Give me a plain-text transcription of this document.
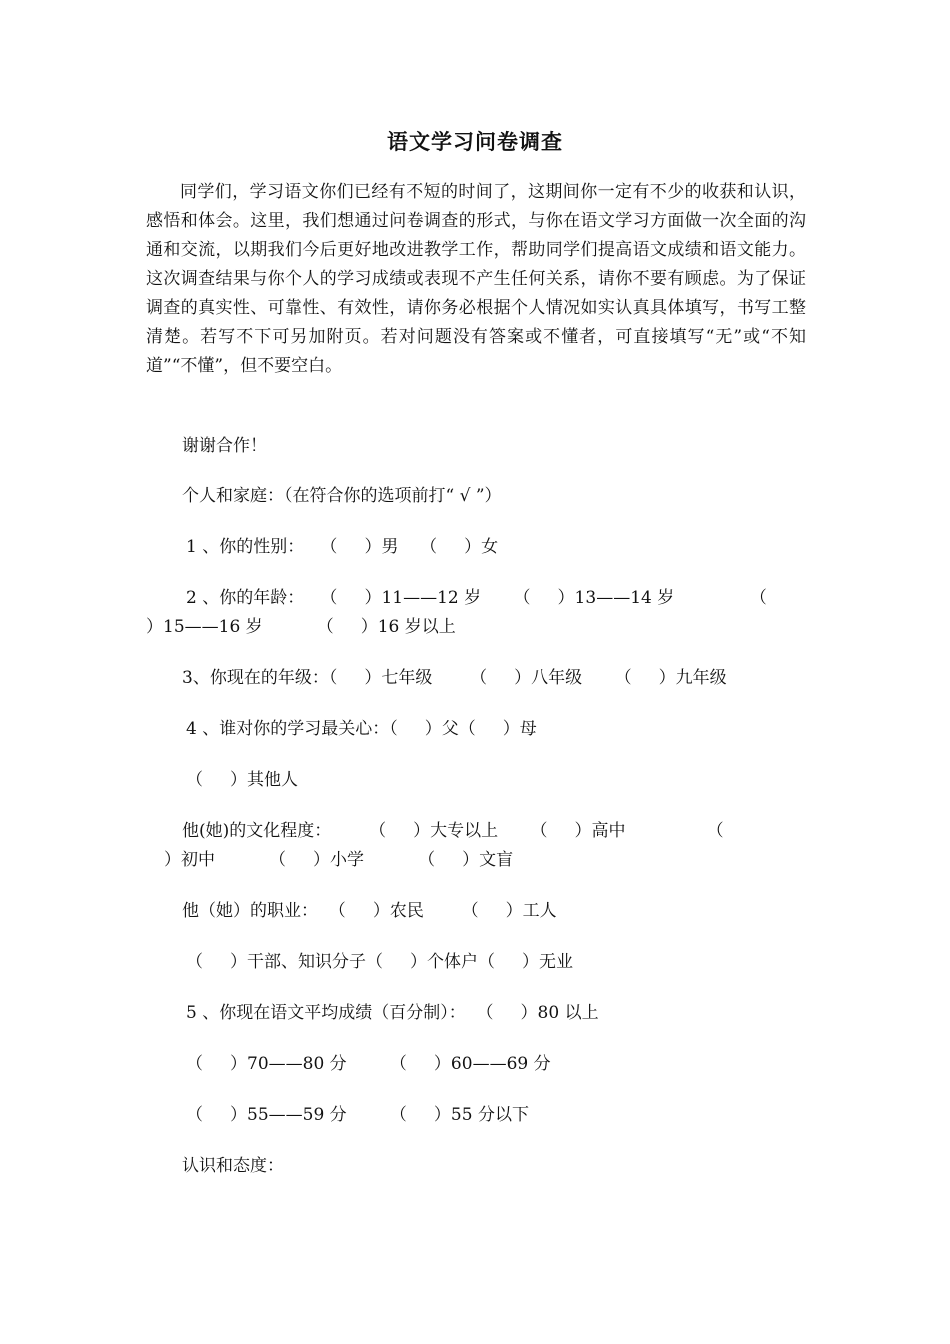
语文学习问卷调查

同学们，学习语文你们已经有不短的时间了，这期间你一定有不少的收获和认识，感悟和体会。这里，我们想通过问卷调查的形式，与你在语文学习方面做一次全面的沟通和交流，以期我们今后更好地改进教学工作，帮助同学们提高语文成绩和语文能力。这次调查结果与你个人的学习成绩或表现不产生任何关系，请你不要有顾虑。为了保证调查的真实性、可靠性、有效性，请你务必根据个人情况如实认真具体填写，书写工整清楚。若写不下可另加附页。若对问题没有答案或不懂者，可直接填写“无”或“不知道”“不懂”，但不要空白。

谢谢合作！
个人和家庭：（在符合你的选项前打“ √ ”）
1 、你的性别：   （     ）男    （     ）女
2 、你的年龄：   （     ）11——12 岁      （     ）13——14 岁              （
）15——16 岁          （     ）16 岁以上
3、你现在的年级：（     ）七年级       （     ）八年级      （     ）九年级
4 、谁对你的学习最关心：（     ）父（     ）母
（     ）其他人
他(她)的文化程度：       （     ）大专以上      （     ）高中               （
）初中          （     ）小学          （     ）文盲
他（她）的职业：  （     ）农民       （     ）工人
（     ）干部、知识分子（     ）个体户（     ）无业
5 、你现在语文平均成绩（百分制）：  （     ）80 以上
（     ）70——80 分        （     ）60——69 分
（     ）55——59 分        （     ）55 分以下
认识和态度：
